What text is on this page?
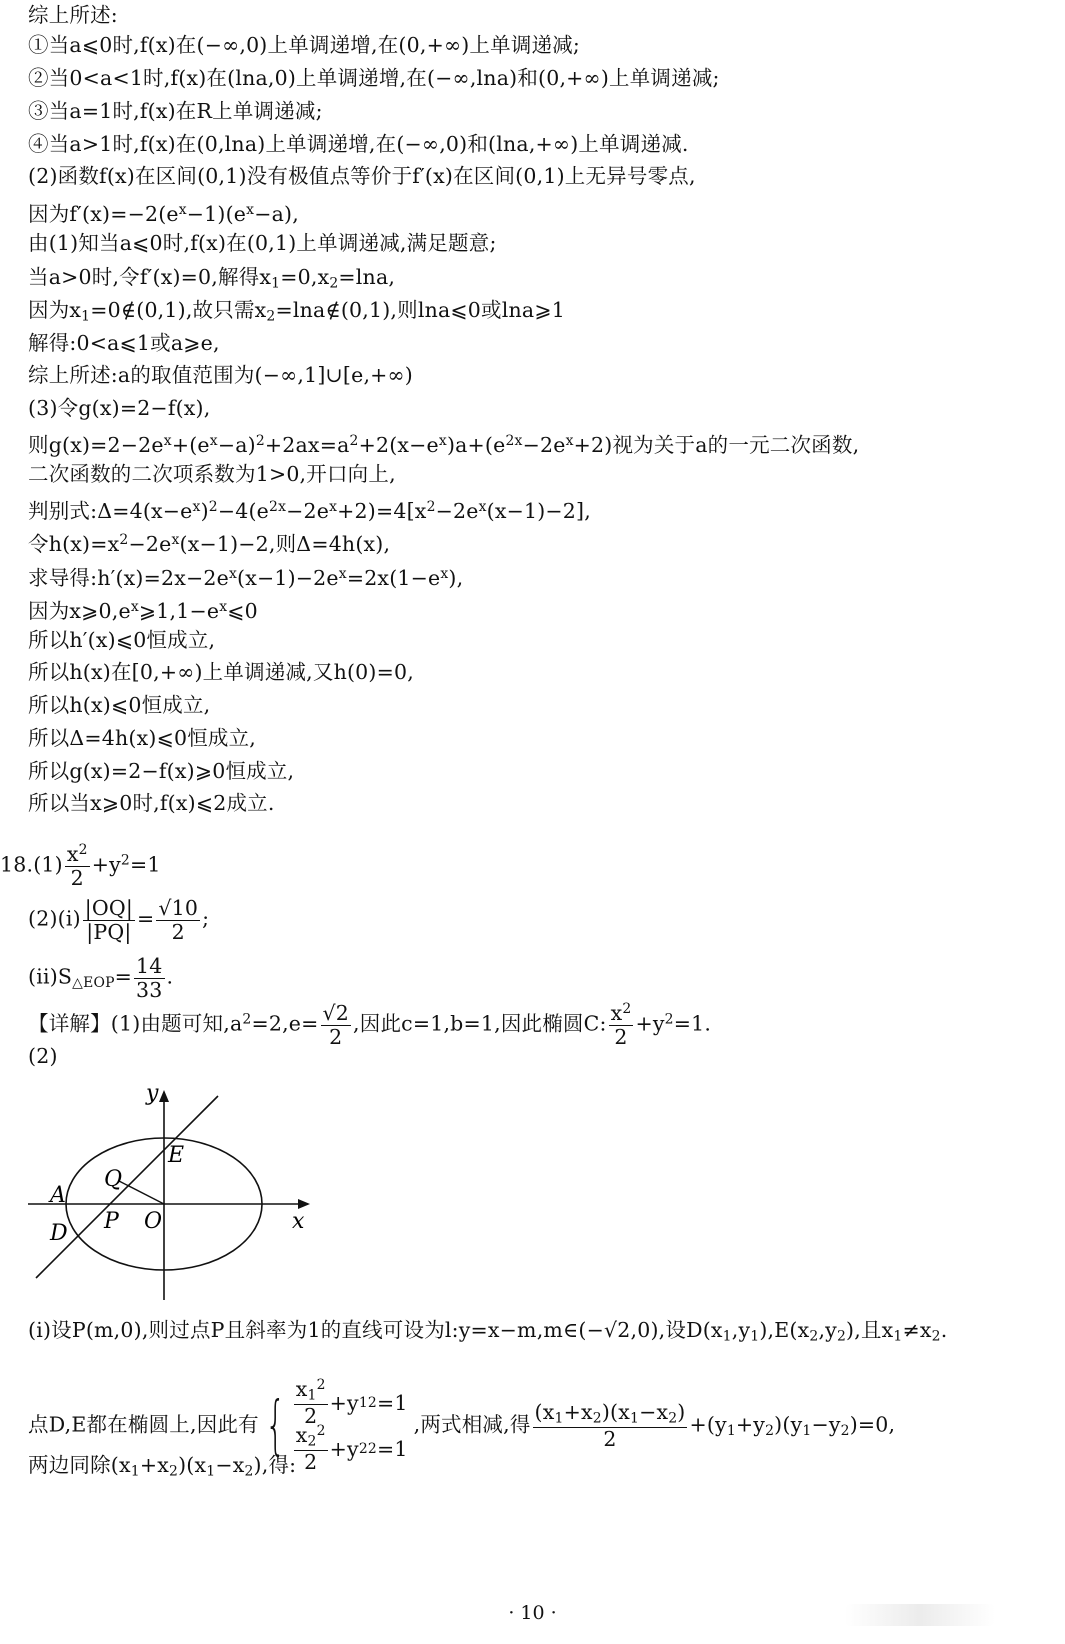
综上所述:
①当a⩽0时,f(x)在(−∞,0)上单调递增,在(0,+∞)上单调递减;
②当0<a<1时,f(x)在(lna,0)上单调递增,在(−∞,lna)和(0,+∞)上单调递减;
③当a=1时,f(x)在R上单调递减;
④当a>1时,f(x)在(0,lna)上单调递增,在(−∞,0)和(lna,+∞)上单调递减.
(2)函数f(x)在区间(0,1)没有极值点等价于f′(x)在区间(0,1)上无异号零点,
因为$f'(x)=-2(e^x-1)(e^x-a)$,
由(1)知当a⩽0时,f(x)在(0,1)上单调递减,满足题意;
当a>0时,令f′(x)=0,解得$x_1=0,x_2=\ln a$,
因为$x_1=0\notin(0,1)$,故只需$x_2=\ln a\notin(0,1)$,则lna⩽0或lna⩾1
解得:0<a⩽1或a⩾e,
综上所述:a的取值范围为(−∞,1]∪[e,+∞)
(3)令g(x)=2−f(x),
则$g(x)=2-2e^x+(e^x-a)^2+2ax=a^2+2(x-e^x)a+(e^{2x}-2e^x+2)$视为关于a的一元二次函数,
二次函数的二次项系数为1>0,开口向上,
判别式$:\Delta=4(x-e^x)^2-4(e^{2x}-2e^x+2)=4[x^2-2e^x(x-1)-2]$,
令$h(x)=x^2-2e^x(x-1)-2$,则Δ=4h(x),
求导得$:h'(x)=2x-2e^x(x-1)-2e^x=2x(1-e^x)$,
因为$x⩾0,e^x⩾1,1-e^x⩽0$
所以h′(x)⩽0恒成立,
所以h(x)在[0,+∞)上单调递减,又h(0)=0,
所以h(x)⩽0恒成立,
所以Δ=4h(x)⩽0恒成立,
所以g(x)=2−f(x)⩾0恒成立,
所以当x⩾0时,f(x)⩽2成立.
$18.(1) \frac{x^2}{2} +y^2=1$
$(2)(i) \frac{|OQ|}{|PQ|} = \frac{√10}{2}$ ;
$(ii)S_{\triangle EOP}= \frac{14}{33}$ .
【详解】(1)由题可知$,a^2=2,e= \frac{√2}{2}$ ,因此c=1,b=1,因此椭圆C: $\frac{x^2}{2} +y^2=1$.
(2)
(i)设P(m,0),则过点P且斜率为1的直线可设为l:y=x−m,m∈(−√2,0),设$D(x_1,y_1),E(x_2,y_2)$,且$x_1\ne x_2$.
点D,E都在椭圆上,因此有{ $\frac{x_1^2}{2} +y$ 1 2 =1
$\frac{x_2^2}{2} +y$ 2 2 =1
,两式相减,得 $\frac{(x_1+x_2)(x_1-x_2)}{2} +(y_1+y_2)(y_1-y_2)=0$,
两边同除$(x_1+x_2)(x_1-x_2)$,得:
y
x
E
Q
A
P O
D
· 10 ·
